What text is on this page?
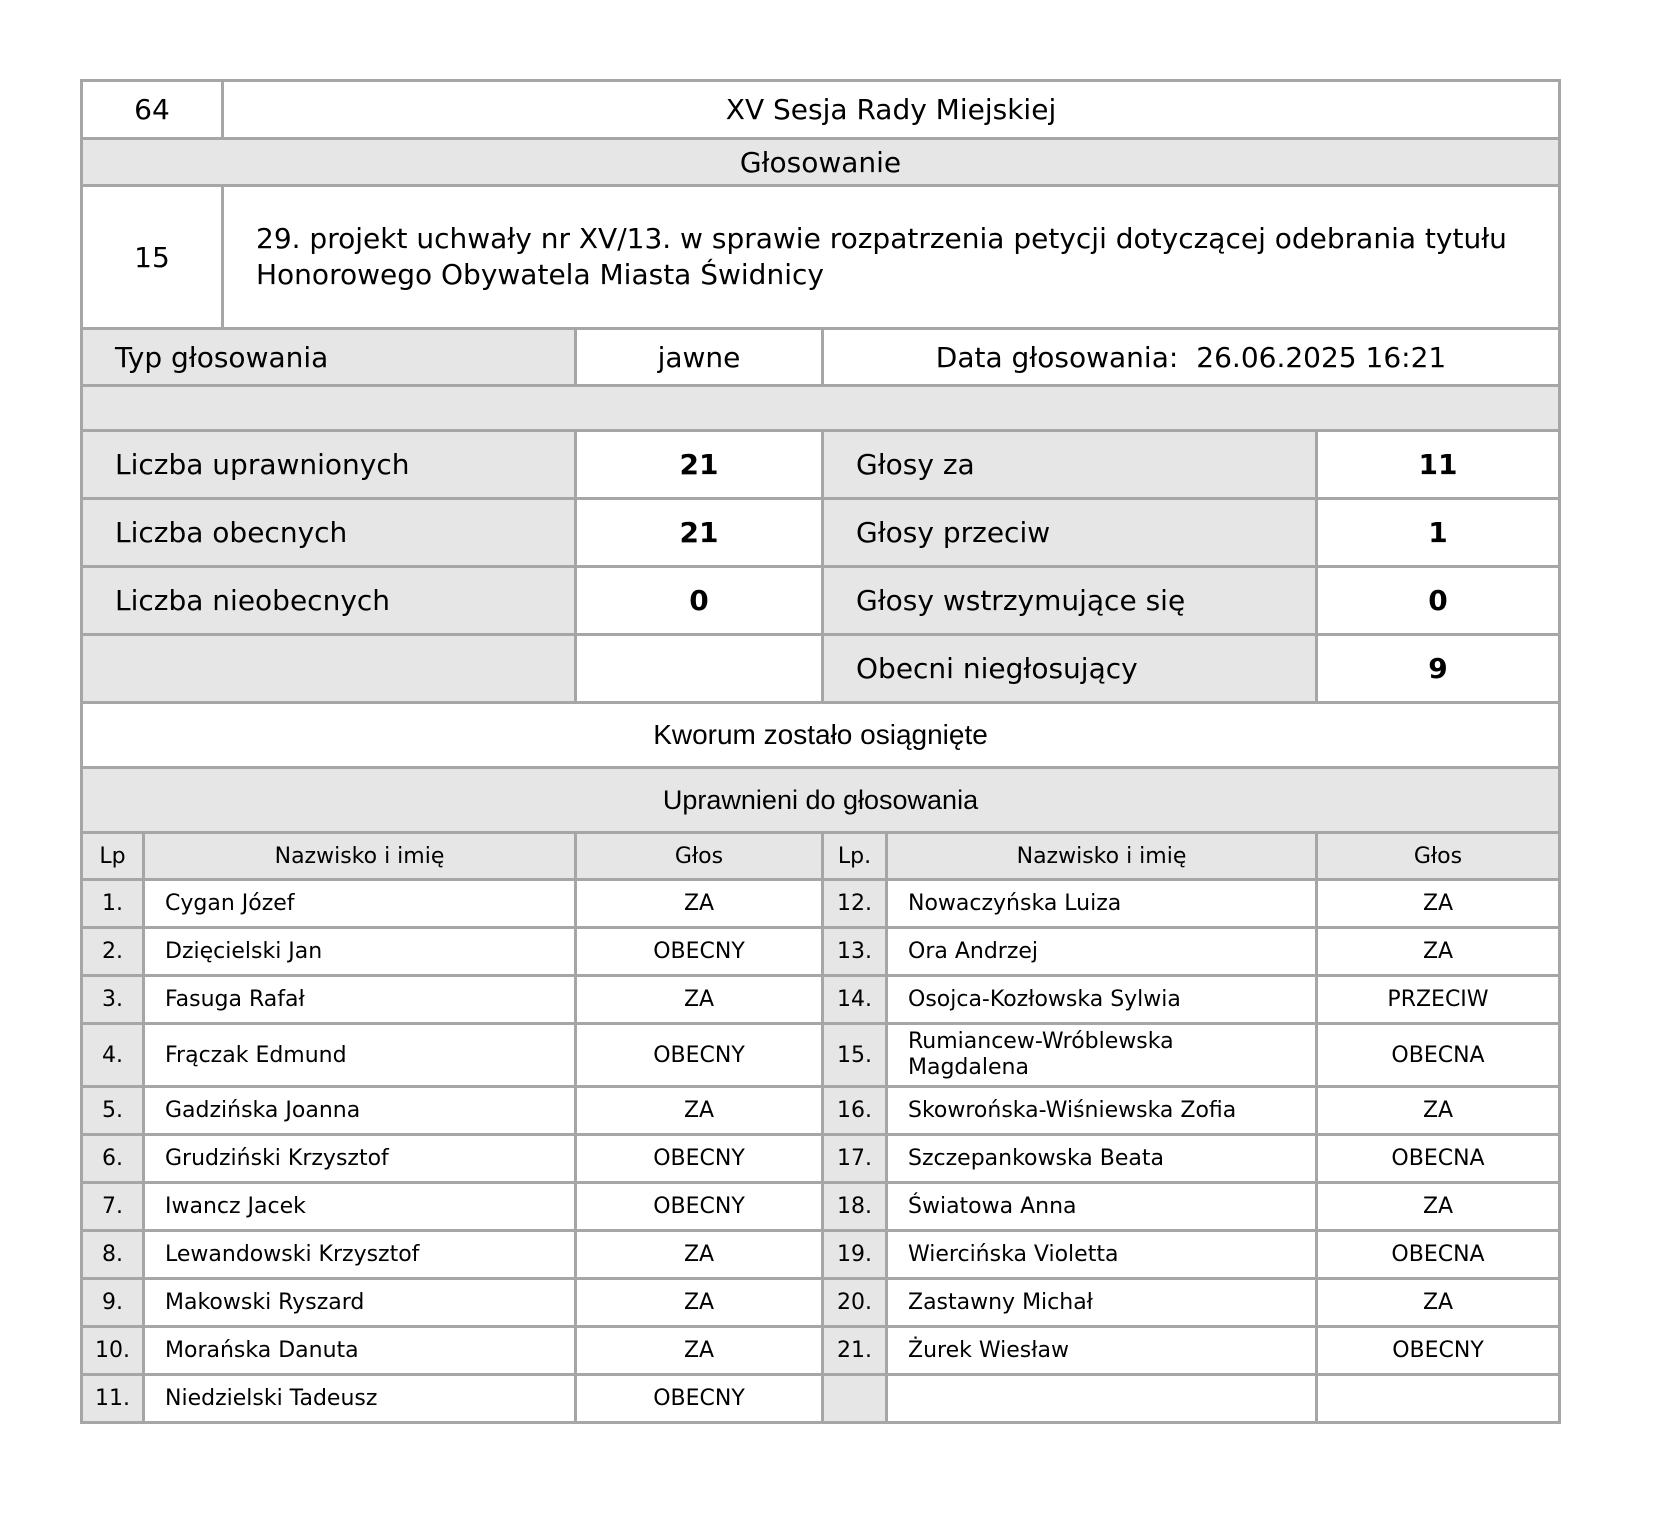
64	XV Sesja Rady Miejskiej
Głosowanie
15	29. projekt uchwały nr XV/13. w sprawie rozpatrzenia petycji dotyczącej odebrania tytułu Honorowego Obywatela Miasta Świdnicy
Typ głosowania	jawne	Data głosowania: 26.06.2025 16:21
Liczba uprawnionych	21	Głosy za	11
Liczba obecnych	21	Głosy przeciw	1
Liczba nieobecnych	0	Głosy wstrzymujące się	0
		Obecni niegłosujący	9
Kworum zostało osiągnięte
Uprawnieni do głosowania
Lp	Nazwisko i imię	Głos	Lp.	Nazwisko i imię	Głos
1.	Cygan Józef	ZA	12.	Nowaczyńska Luiza	ZA
2.	Dzięcielski Jan	OBECNY	13.	Ora Andrzej	ZA
3.	Fasuga Rafał	ZA	14.	Osojca-Kozłowska Sylwia	PRZECIW
4.	Frączak Edmund	OBECNY	15.	Rumiancew-Wróblewska Magdalena	OBECNA
5.	Gadzińska Joanna	ZA	16.	Skowrońska-Wiśniewska Zofia	ZA
6.	Grudziński Krzysztof	OBECNY	17.	Szczepankowska Beata	OBECNA
7.	Iwancz Jacek	OBECNY	18.	Światowa Anna	ZA
8.	Lewandowski Krzysztof	ZA	19.	Wiercińska Violetta	OBECNA
9.	Makowski Ryszard	ZA	20.	Zastawny Michał	ZA
10.	Morańska Danuta	ZA	21.	Żurek Wiesław	OBECNY
11.	Niedzielski Tadeusz	OBECNY			
